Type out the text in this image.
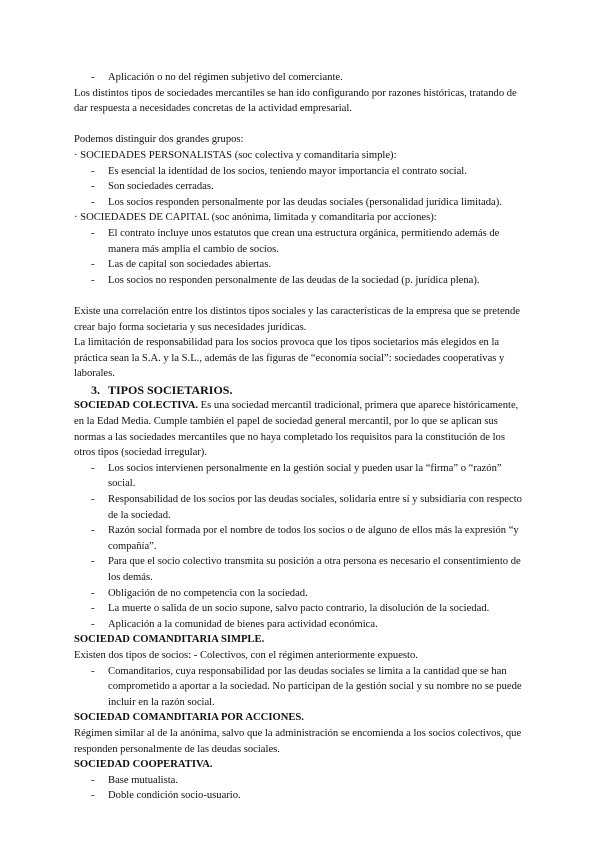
- Aplicación o no del régimen subjetivo del comerciante.

Los distintos tipos de sociedades mercantiles se han ido configurando por razones históricas, tratando de dar respuesta a necesidades concretas de la actividad empresarial.

Podemos distinguir dos grandes grupos:

· SOCIEDADES PERSONALISTAS (soc colectiva y comanditaria simple):

- Es esencial la identidad de los socios, teniendo mayor importancia el contrato social.
- Son sociedades cerradas.
- Los socios responden personalmente por las deudas sociales (personalidad jurídica limitada).

· SOCIEDADES DE CAPITAL (soc anónima, limitada y comanditaria por acciones):

- El contrato incluye unos estatutos que crean una estructura orgánica, permitiendo además de manera más amplia el cambio de socios.
- Las de capital son sociedades abiertas.
- Los socios no responden personalmente de las deudas de la sociedad (p. jurídica plena).

Existe una correlación entre los distintos tipos sociales y las características de la empresa que se pretende crear bajo forma societaria y sus necesidades jurídicas.

La limitación de responsabilidad para los socios provoca que los tipos societarios más elegidos en la práctica sean la S.A. y la S.L., además de las figuras de “economía social”: sociedades cooperativas y laborales.

3. TIPOS SOCIETARIOS.

SOCIEDAD COLECTIVA. Es una sociedad mercantil tradicional, primera que aparece históricamente, en la Edad Media. Cumple también el papel de sociedad general mercantil, por lo que se aplican sus normas a las sociedades mercantiles que no haya completado los requisitos para la constitución de los otros tipos (sociedad irregular).

- Los socios intervienen personalmente en la gestión social y pueden usar la “firma” o “razón” social.
- Responsabilidad de los socios por las deudas sociales, solidaria entre sí y subsidiaria con respecto de la sociedad.
- Razón social formada por el nombre de todos los socios o de alguno de ellos más la expresión “y compañía”.
- Para que el socio colectivo transmita su posición a otra persona es necesario el consentimiento de los demás.
- Obligación de no competencia con la sociedad.
- La muerte o salida de un socio supone, salvo pacto contrario, la disolución de la sociedad.
- Aplicación a la comunidad de bienes para actividad económica.

SOCIEDAD COMANDITARIA SIMPLE.

Existen dos tipos de socios: - Colectivos, con el régimen anteriormente expuesto.

- Comanditarios, cuya responsabilidad por las deudas sociales se limita a la cantidad que se han comprometido a aportar a la sociedad. No participan de la gestión social y su nombre no se puede incluir en la razón social.

SOCIEDAD COMANDITARIA POR ACCIONES.

Régimen similar al de la anónima, salvo que la administración se encomienda a los socios colectivos, que responden personalmente de las deudas sociales.

SOCIEDAD COOPERATIVA.

- Base mutualista.
- Doble condición socio-usuario.
